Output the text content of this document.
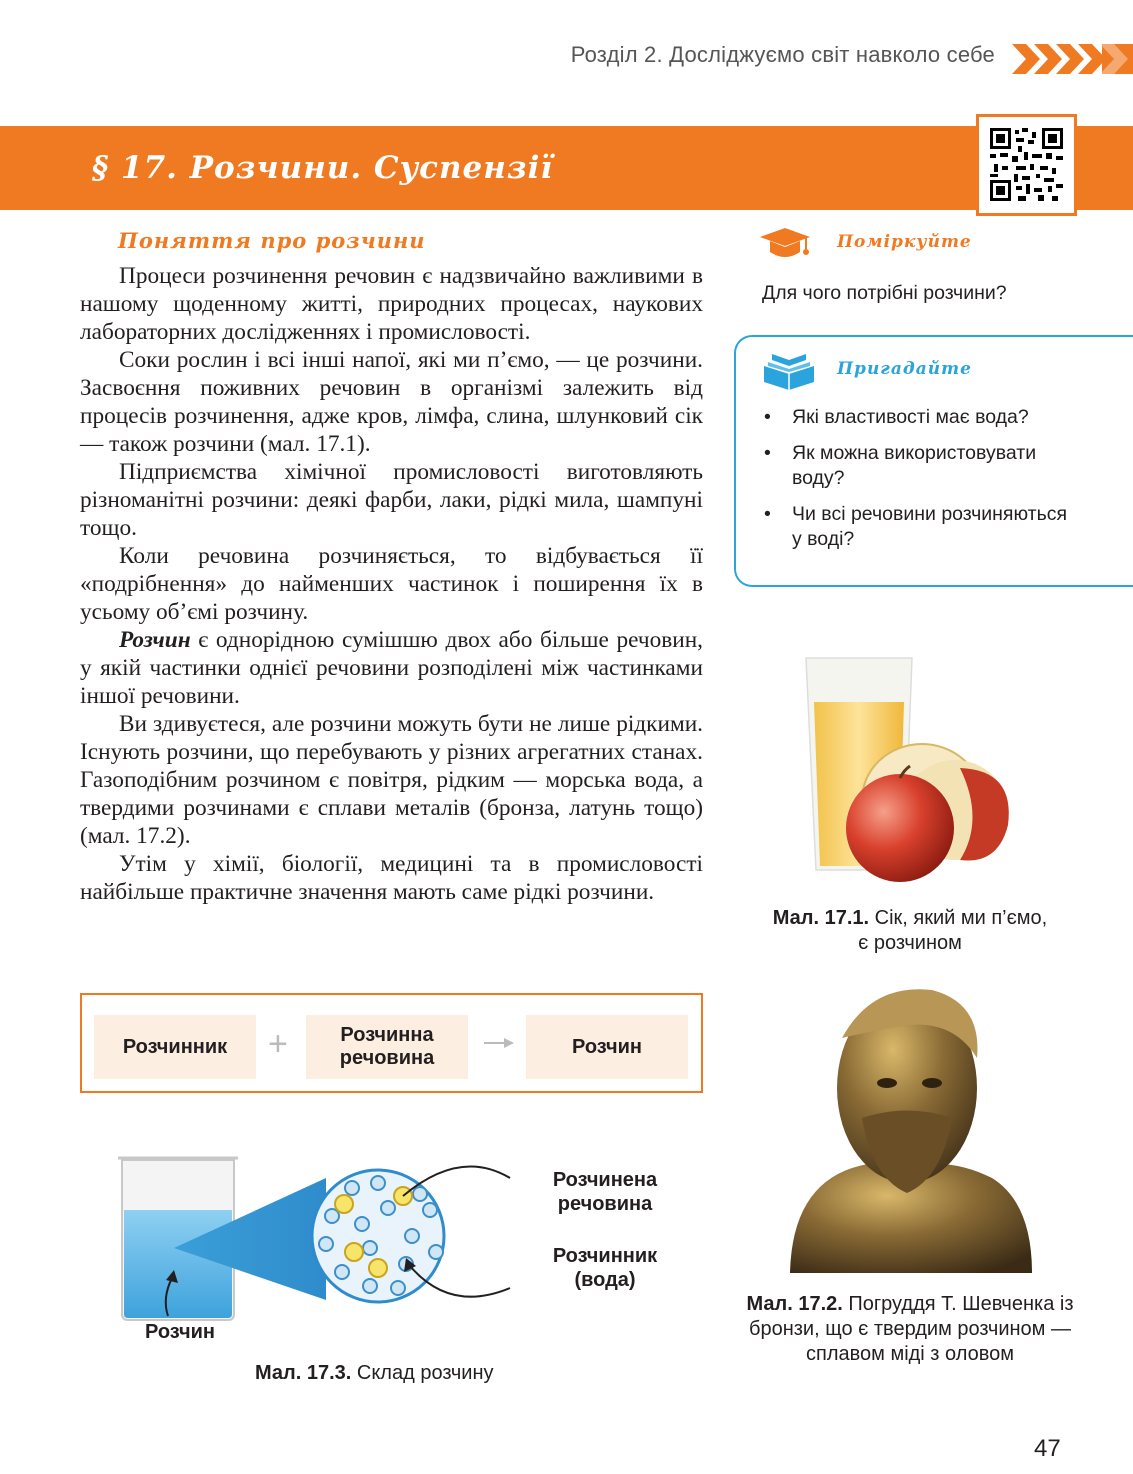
Розділ 2. Досліджуємо світ навколо себе
§ 17. Розчини. Суспензії
Поняття про розчини

Процеси розчинення речовин є надзвичайно важливими в нашому щоденному житті, природних процесах, наукових лабораторних дослідженнях і промисловості.

Соки рослин і всі інші напої, які ми п’ємо, — це розчини. Засвоєння поживних речовин в організмі залежить від процесів розчинення, адже кров, лімфа, слина, шлунковий сік — також розчини (мал. 17.1).

Підприємства хімічної промисловості виготовляють різноманітні розчини: деякі фарби, лаки, рідкі мила, шампуні тощо.

Коли речовина розчиняється, то відбувається її «подрібнення» до найменших частинок і поширення їх в усьому об’ємі розчину.

Розчин є однорідною сумішшю двох або більше речовин, у якій частинки однієї речовини розподілені між частинками іншої речовини.

Ви здивуєтеся, але розчини можуть бути не лише рідкими. Існують розчини, що перебувають у різних агрегатних станах. Газоподібним розчином є повітря, рідким — морська вода, а твердими розчинами є сплави металів (бронза, латунь тощо) (мал. 17.2).

Утім у хімії, біології, медицині та в промисловості найбільше практичне значення мають саме рідкі розчини.

Поміркуйте
Для чого потрібні розчини?
Пригадайте
• Які властивості має вода?
• Як можна використовувати воду?
• Чи всі речовини розчиняються у воді?
Мал. 17.1. Сік, який ми п’ємо, є розчином
Мал. 17.2. Погруддя Т. Шевченка із бронзи, що є твердим розчином — сплавом міді з оловом
Розчинник	+	Розчинна речовина
Розчин
Розчинена речовина
Розчинник (вода)
Розчин
Мал. 17.3. Склад розчину
47
